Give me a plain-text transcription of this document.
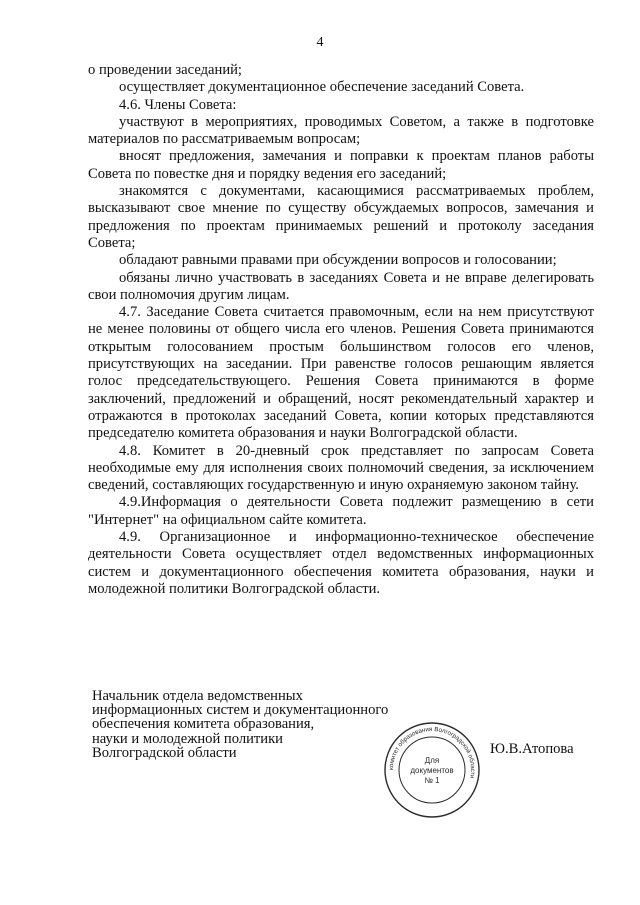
4

о проведении заседаний;

осуществляет документационное обеспечение заседаний Совета.

4.6. Члены Совета:

участвуют в мероприятиях, проводимых Советом, а также в подготовке материалов по рассматриваемым вопросам;

вносят предложения, замечания и поправки к проектам планов работы Совета по повестке дня и порядку ведения его заседаний;

знакомятся с документами, касающимися рассматриваемых проблем, высказывают свое мнение по существу обсуждаемых вопросов, замечания и предложения по проектам принимаемых решений и протоколу заседания Совета;

обладают равными правами при обсуждении вопросов и голосовании;

обязаны лично участвовать в заседаниях Совета и не вправе делегировать свои полномочия другим лицам.

4.7. Заседание Совета считается правомочным, если на нем присутствуют не менее половины от общего числа его членов. Решения Совета принимаются открытым голосованием простым большинством голосов его членов, присутствующих на заседании. При равенстве голосов решающим является голос председательствующего. Решения Совета принимаются в форме заключений, предложений и обращений, носят рекомендательный характер и отражаются в протоколах заседаний Совета, копии которых представляются председателю комитета образования и науки Волгоградской области.

4.8. Комитет в 20-дневный срок представляет по запросам Совета необходимые ему для исполнения своих полномочий сведения, за исключением сведений, составляющих государственную и иную охраняемую законом тайну.

4.9.Информация о деятельности Совета подлежит размещению в сети "Интернет" на официальном сайте комитета.

4.9. Организационное и информационно-техническое обеспечение деятельности Совета осуществляет отдел ведомственных информационных систем и документационного обеспечения комитета образования, науки и молодежной политики Волгоградской области.

Начальник отдела ведомственных
информационных систем и документационного
обеспечения комитета образования,
науки и молодежной политики
Волгоградской области
комитет образования Волгоградской области
Для
документов
№ 1
Ю.В.Атопова
